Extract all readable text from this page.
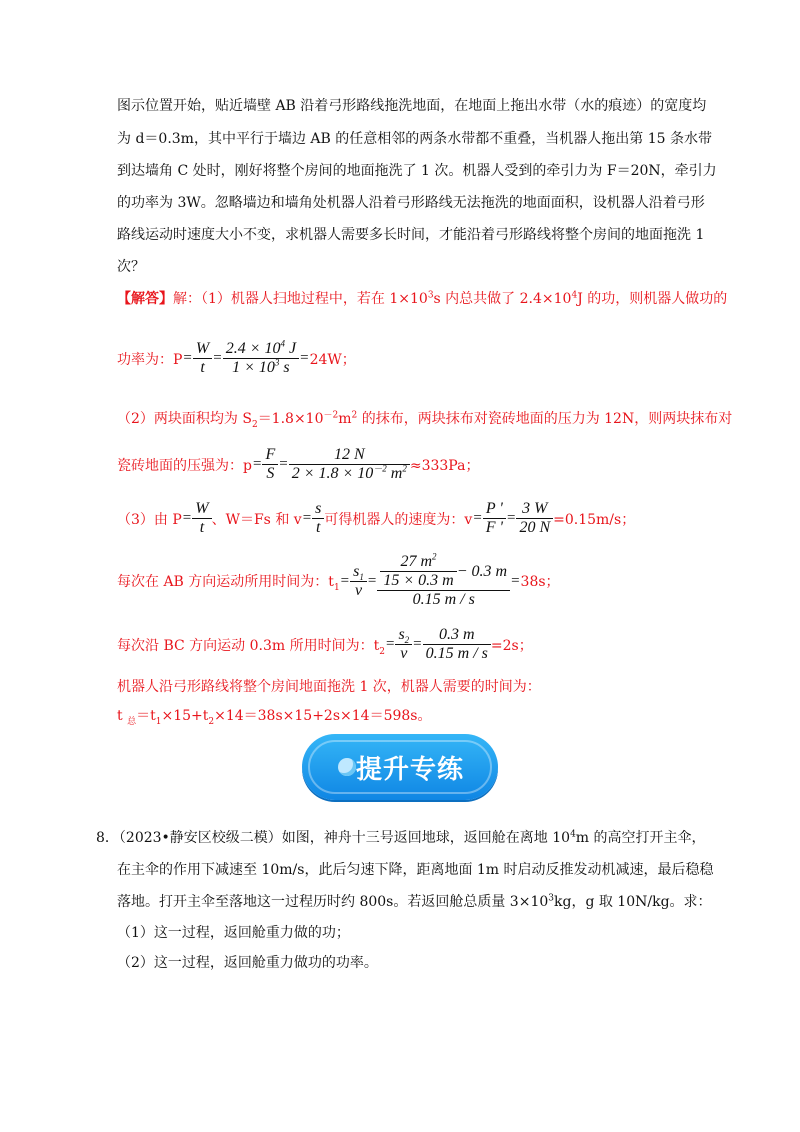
图示位置开始，贴近墙壁 AB 沿着弓形路线拖洗地面，在地面上拖出水带（水的痕迹）的宽度均
为 d＝0.3m，其中平行于墙边 AB 的任意相邻的两条水带都不重叠，当机器人拖出第 15 条水带
到达墙角 C 处时，刚好将整个房间的地面拖洗了 1 次。机器人受到的牵引力为 F＝20N，牵引力
的功率为 3W。忽略墙边和墙角处机器人沿着弓形路线无法拖洗的地面面积，设机器人沿着弓形
路线运动时速度大小不变，求机器人需要多长时间，才能沿着弓形路线将整个房间的地面拖洗 1
次？
【解答】解：（1）机器人扫地过程中，若在 $1\times 10^3s$ 内总共做了 $2.4\times 10^4J$ 的功，则机器人做功的
功率为：$P = \frac{W}{t} = \frac{2.4 \times 10^4 J}{1 \times 10^3 s} = 24W$；
（2）两块面积均为 $S_2=1.8\times 10^{-2}m^2$ 的抹布，两块抹布对瓷砖地面的压力为 12N，则两块抹布对
瓷砖地面的压强为：$p = \frac{F}{S} = \frac{12 N}{2 \times 1.8 \times 10^{-2} m^2} \approx 333Pa$；
（3）由 $P = \frac{W}{t}$ 、W＝Fs 和 $v = \frac{s}{t}$ 可得机器人的速度为：$v = \frac{P '}{F '} = \frac{3 W}{20 N} =0.15m/s$；
每次在 AB 方向运动所用时间为：$t_1 = \frac{s_1}{v} = \frac{\frac{27 m^2}{15 \times 0.3 m} - 0.3 m}{0.15 m / s} = 38s$；
每次沿 BC 方向运动 0.3m 所用时间为：$t_2 = \frac{s_2}{v} = \frac{0.3 m}{0.15 m / s} =2s$；
机器人沿弓形路线将整个房间地面拖洗 1 次，机器人需要的时间为：
t $_总=t_1\times 15+t_2\times 14=38s\times 15+2s\times 14=598s$。
提升专练
8．（2023•静安区校级二模）如图，神舟十三号返回地球，返回舱在离地 $10^4m$ 的高空打开主伞，
在主伞的作用下减速至 10m/s，此后匀速下降，距离地面 1m 时启动反推发动机减速，最后稳稳
落地。打开主伞至落地这一过程历时约 800s。若返回舱总质量 $3\times 10^3kg$，g 取 10N/kg。求：
（1）这一过程，返回舱重力做的功；
（2）这一过程，返回舱重力做功的功率。
